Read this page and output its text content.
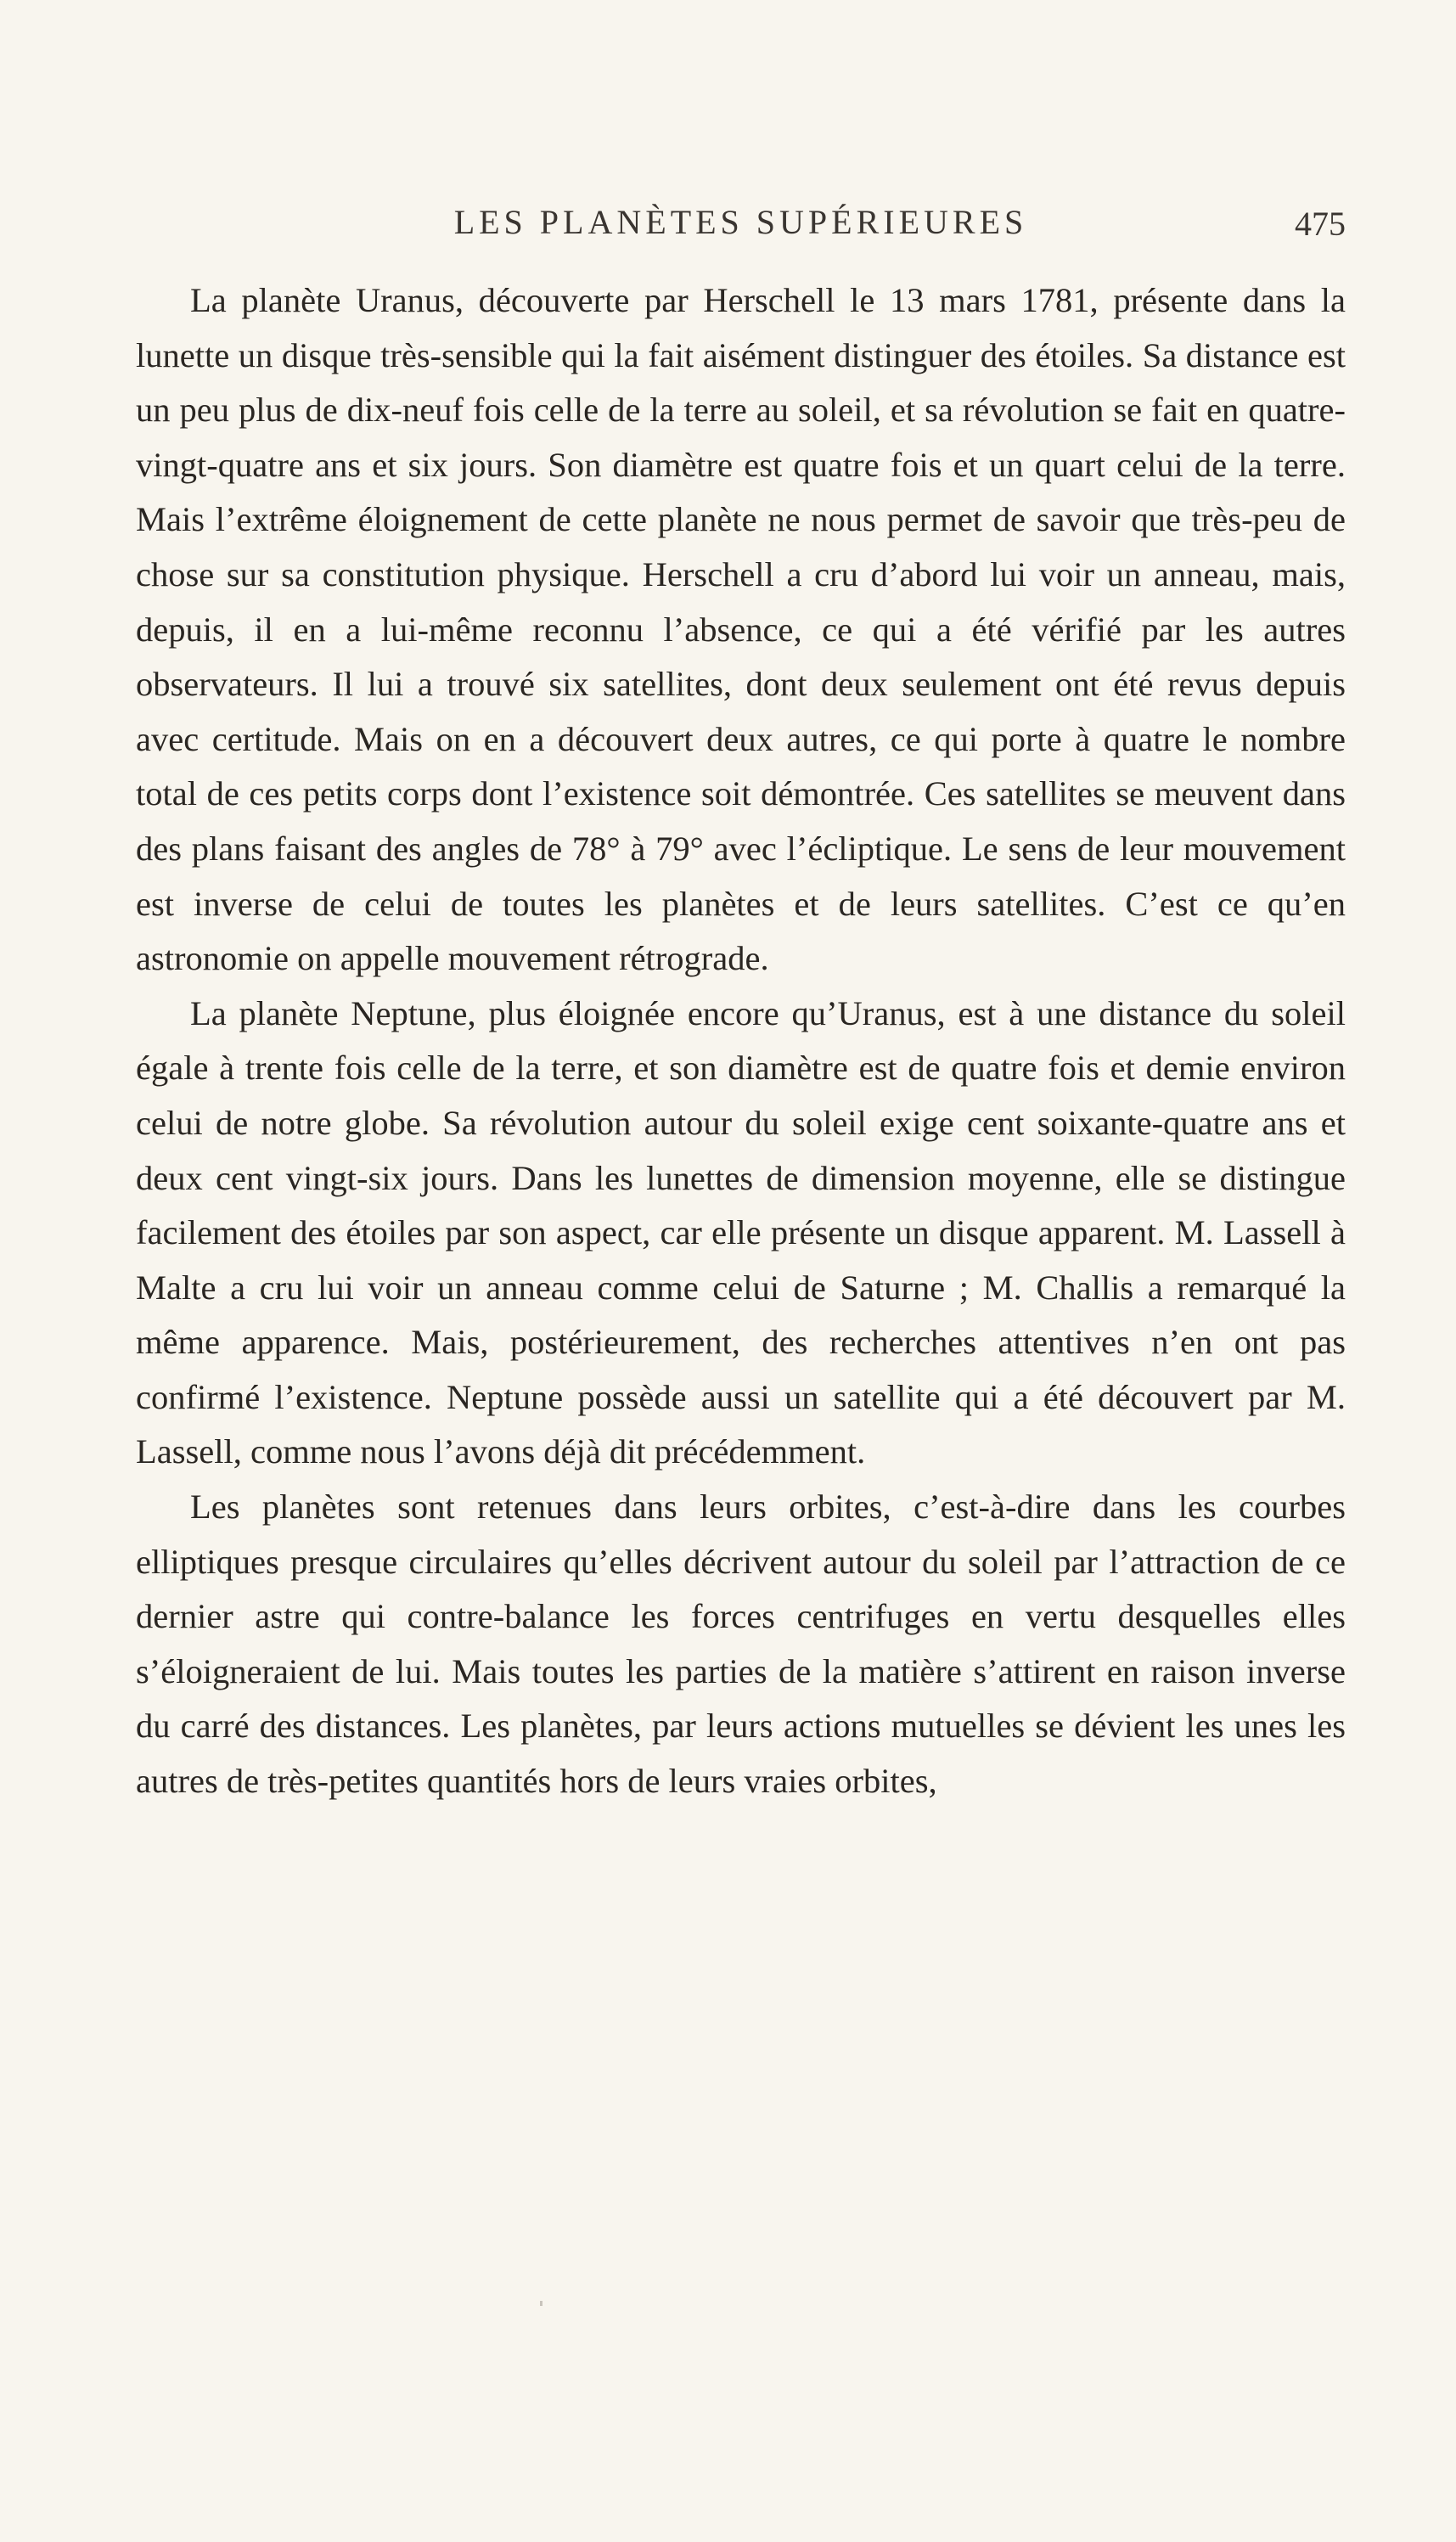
LES PLANÈTES SUPÉRIEURES	475

La planète Uranus, découverte par Herschell le 13 mars 1781, présente dans la lunette un disque très-sensible qui la fait aisément distinguer des étoiles. Sa distance est un peu plus de dix-neuf fois celle de la terre au soleil, et sa révolution se fait en quatre-vingt-quatre ans et six jours. Son diamètre est quatre fois et un quart celui de la terre. Mais l’extrême éloignement de cette planète ne nous permet de savoir que très-peu de chose sur sa constitution physique. Herschell a cru d’abord lui voir un anneau, mais, depuis, il en a lui-même reconnu l’absence, ce qui a été vérifié par les autres observateurs. Il lui a trouvé six satellites, dont deux seulement ont été revus depuis avec certitude. Mais on en a découvert deux autres, ce qui porte à quatre le nombre total de ces petits corps dont l’existence soit démontrée. Ces satellites se meuvent dans des plans faisant des angles de 78° à 79° avec l’écliptique. Le sens de leur mouvement est inverse de celui de toutes les planètes et de leurs satellites. C’est ce qu’en astronomie on appelle mouvement rétrograde.

La planète Neptune, plus éloignée encore qu’Uranus, est à une distance du soleil égale à trente fois celle de la terre, et son diamètre est de quatre fois et demie environ celui de notre globe. Sa révolution autour du soleil exige cent soixante-quatre ans et deux cent vingt-six jours. Dans les lunettes de dimension moyenne, elle se distingue facilement des étoiles par son aspect, car elle présente un disque apparent. M. Lassell à Malte a cru lui voir un anneau comme celui de Saturne ; M. Challis a remarqué la même apparence. Mais, postérieurement, des recherches attentives n’en ont pas confirmé l’existence. Neptune possède aussi un satellite qui a été découvert par M. Lassell, comme nous l’avons déjà dit précédemment.

Les planètes sont retenues dans leurs orbites, c’est-à-dire dans les courbes elliptiques presque circulaires qu’elles décrivent autour du soleil par l’attraction de ce dernier astre qui contre-balance les forces centrifuges en vertu desquelles elles s’éloigneraient de lui. Mais toutes les parties de la matière s’attirent en raison inverse du carré des distances. Les planètes, par leurs actions mutuelles se dévient les unes les autres de très-petites quantités hors de leurs vraies orbites,
